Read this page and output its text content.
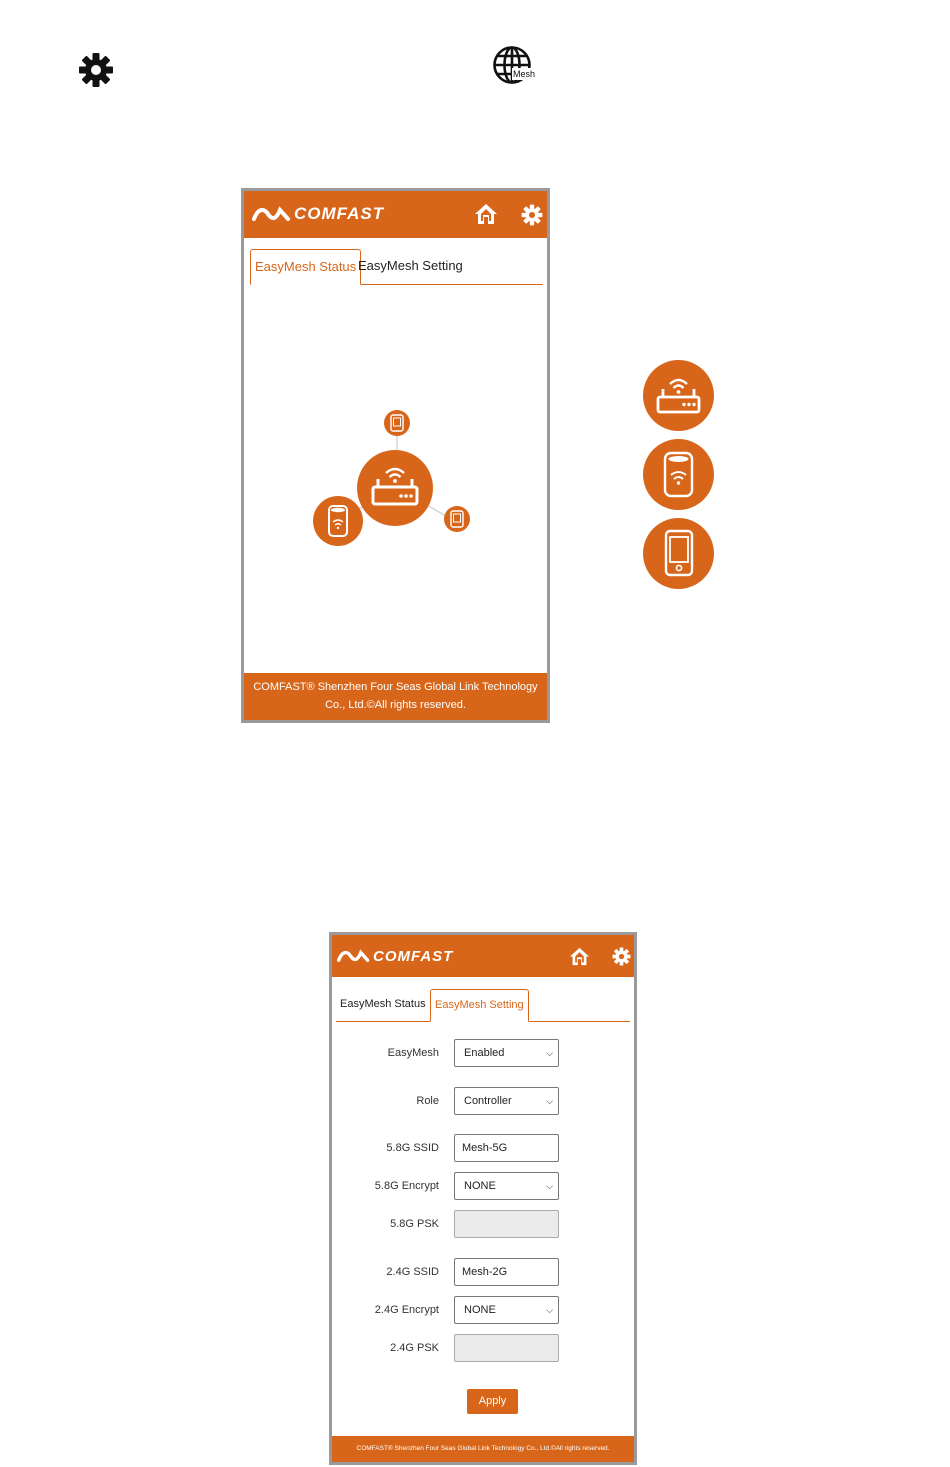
Mesh
COMFAST
EasyMesh Status EasyMesh Setting
COMFAST® Shenzhen Four Seas Global Link Technology
Co., Ltd.©All rights reserved.
COMFAST
EasyMesh Status EasyMesh Setting
EasyMesh	Enabled	⌵
Role	Controller	⌵
5.8G SSID	Mesh-5G
5.8G Encrypt	NONE	⌵
5.8G PSK
2.4G SSID	Mesh-2G
2.4G Encrypt	NONE	⌵
2.4G PSK
Apply
COMFAST® Shenzhen Four Seas Global Link Technology Co., Ltd.©All rights reserved.
